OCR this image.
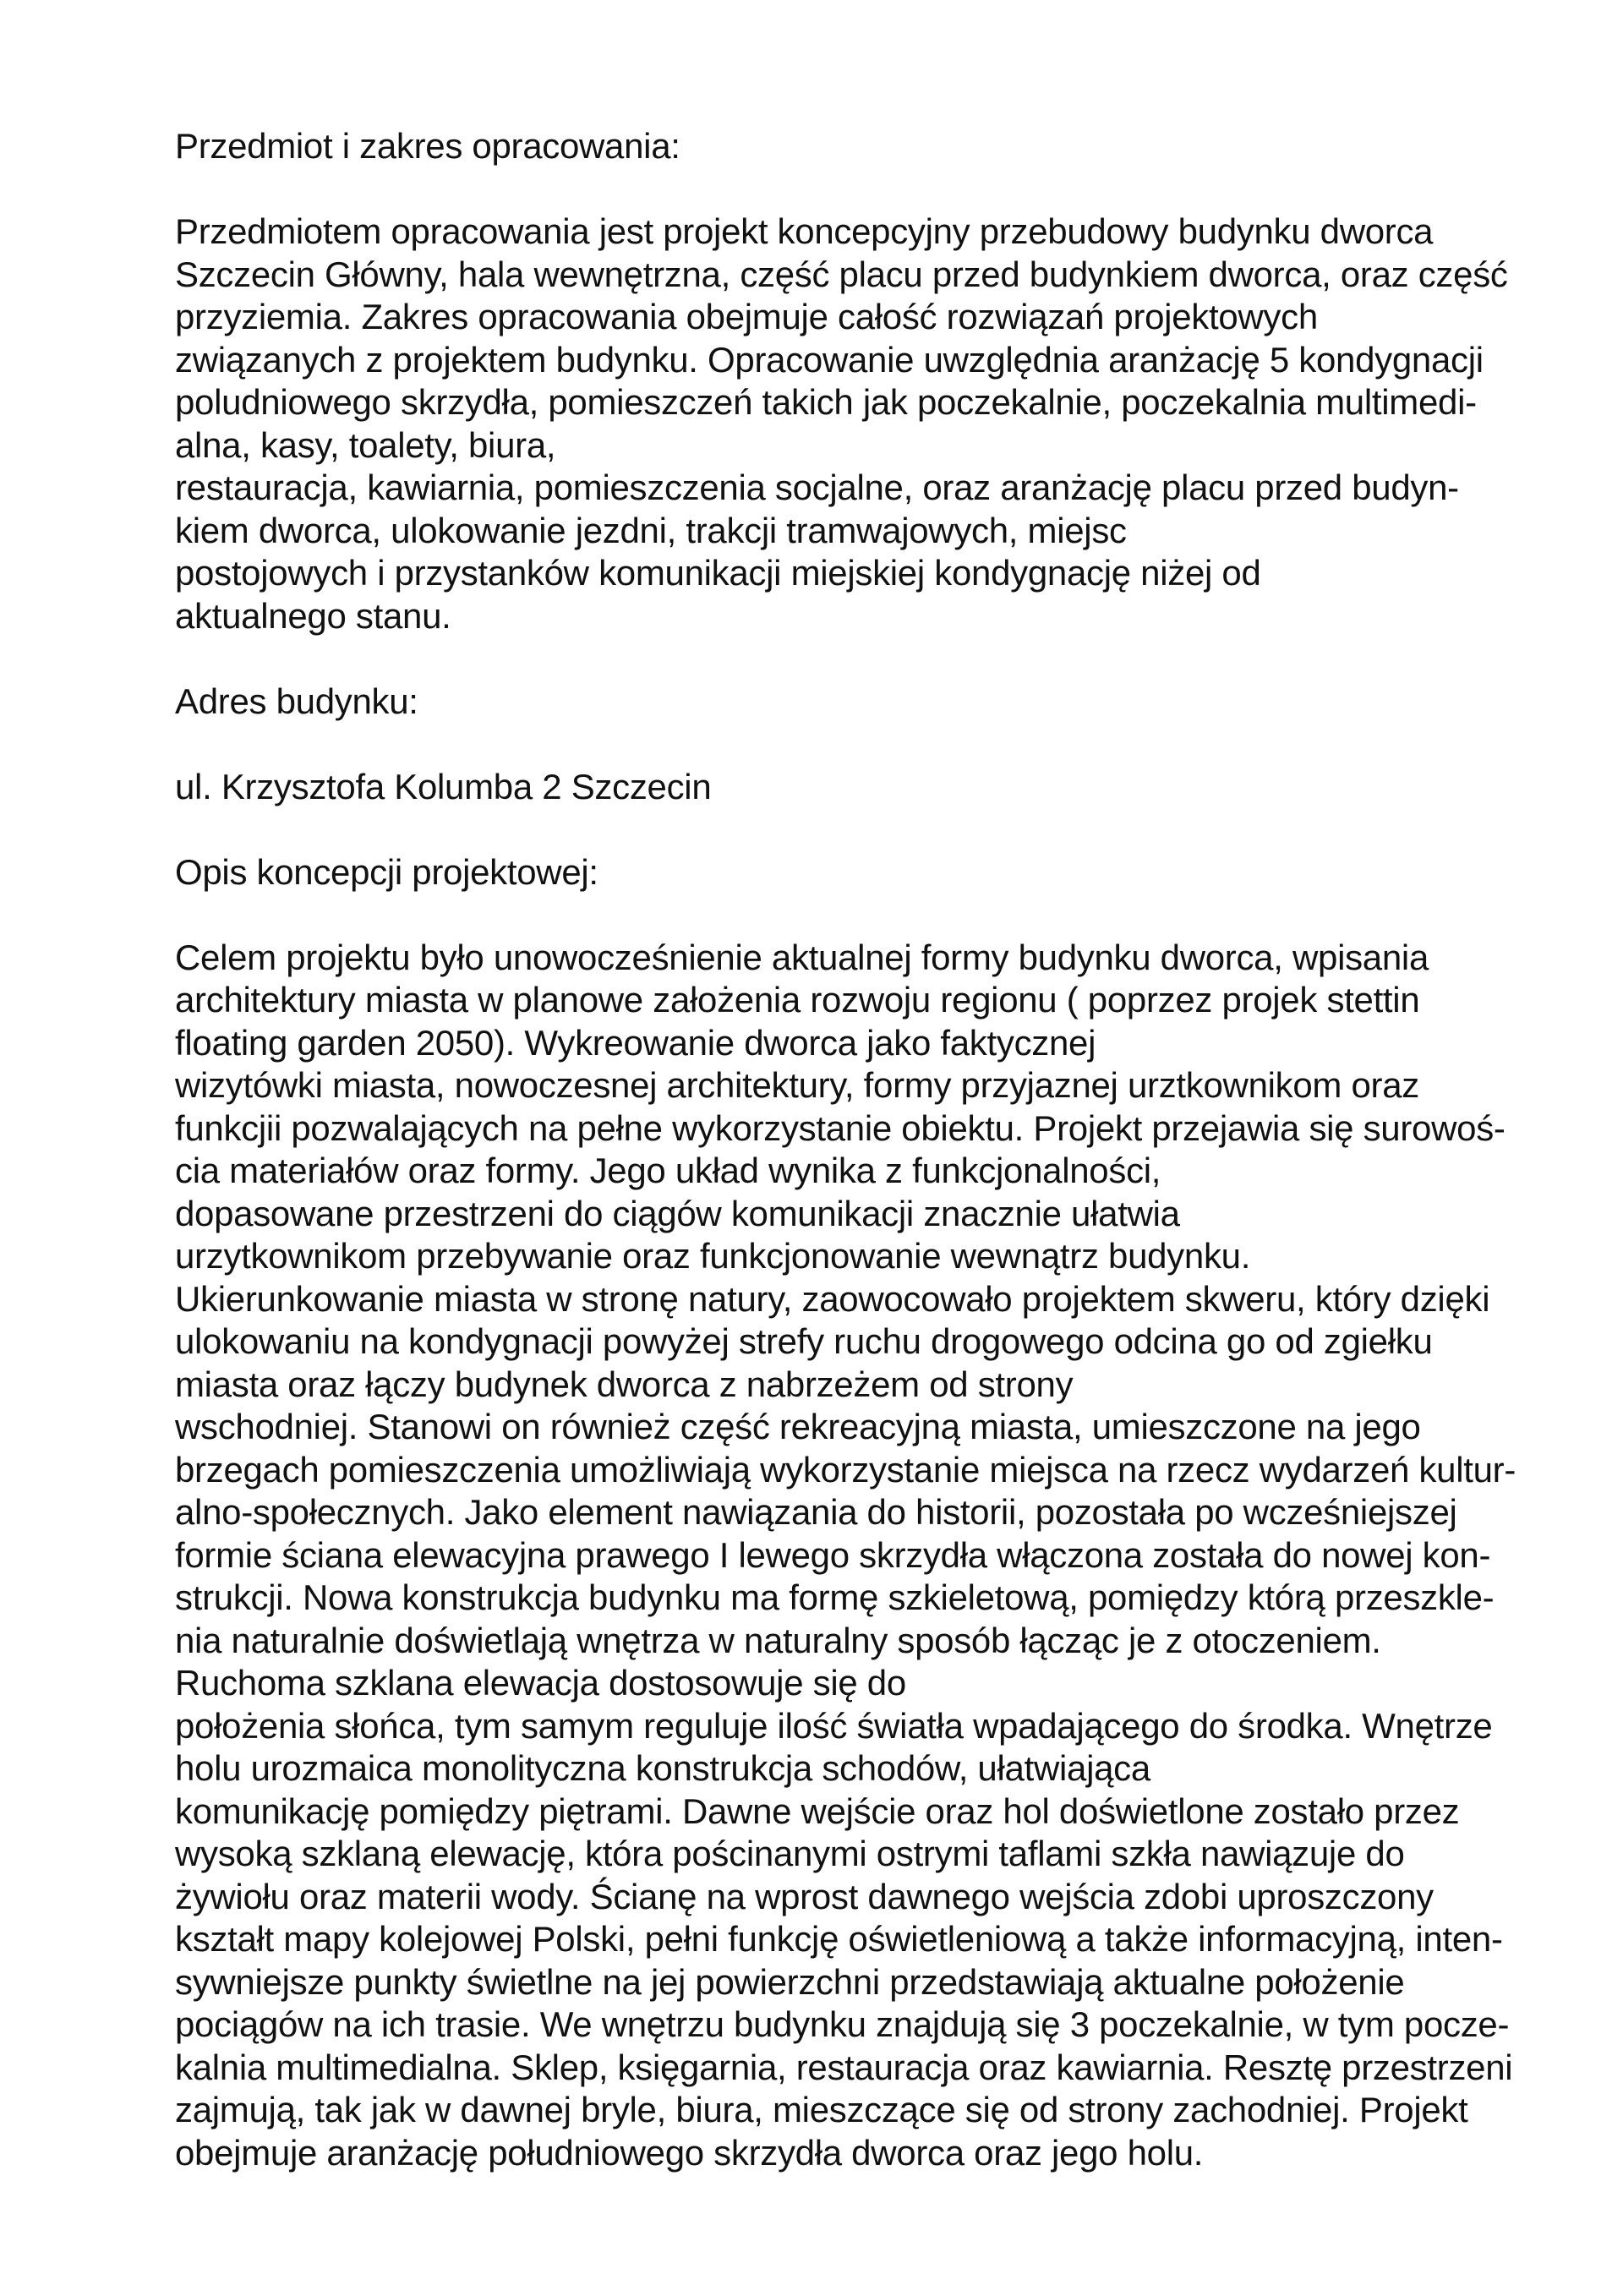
Przedmiot i zakres opracowania:
Przedmiotem opracowania jest projekt koncepcyjny przebudowy budynku dworca
Szczecin Główny, hala wewnętrzna, część placu przed budynkiem dworca, oraz część
przyziemia. Zakres opracowania obejmuje całość rozwiązań projektowych
związanych z projektem budynku. Opracowanie uwzględnia aranżację 5 kondygnacji
poludniowego skrzydła, pomieszczeń takich jak poczekalnie, poczekalnia multimedi-
alna, kasy, toalety, biura,
restauracja, kawiarnia, pomieszczenia socjalne, oraz aranżację placu przed budyn-
kiem dworca, ulokowanie jezdni, trakcji tramwajowych, miejsc
postojowych i przystanków komunikacji miejskiej kondygnację niżej od
aktualnego stanu.
Adres budynku:
ul. Krzysztofa Kolumba 2 Szczecin
Opis koncepcji projektowej:
Celem projektu było unowocześnienie aktualnej formy budynku dworca, wpisania
architektury miasta w planowe założenia rozwoju regionu ( poprzez projek stettin
floating garden 2050). Wykreowanie dworca jako faktycznej
wizytówki miasta, nowoczesnej architektury, formy przyjaznej urztkownikom oraz
funkcjii pozwalających na pełne wykorzystanie obiektu. Projekt przejawia się surowoś-
cia materiałów oraz formy. Jego układ wynika z funkcjonalności,
dopasowane przestrzeni do ciągów komunikacji znacznie ułatwia
urzytkownikom przebywanie oraz funkcjonowanie wewnątrz budynku.
Ukierunkowanie miasta w stronę natury, zaowocowało projektem skweru, który dzięki
ulokowaniu na kondygnacji powyżej strefy ruchu drogowego odcina go od zgiełku
miasta oraz łączy budynek dworca z nabrzeżem od strony
wschodniej. Stanowi on również część rekreacyjną miasta, umieszczone na jego
brzegach pomieszczenia umożliwiają wykorzystanie miejsca na rzecz wydarzeń kultur-
alno-społecznych. Jako element nawiązania do historii, pozostała po wcześniejszej
formie ściana elewacyjna prawego I lewego skrzydła włączona została do nowej kon-
strukcji. Nowa konstrukcja budynku ma formę szkieletową, pomiędzy którą przeszkle-
nia naturalnie doświetlają wnętrza w naturalny sposób łącząc je z otoczeniem.
Ruchoma szklana elewacja dostosowuje się do
położenia słońca, tym samym reguluje ilość światła wpadającego do środka. Wnętrze
holu urozmaica monolityczna konstrukcja schodów, ułatwiająca
komunikację pomiędzy piętrami. Dawne wejście oraz hol doświetlone zostało przez
wysoką szklaną elewację, która pościnanymi ostrymi taflami szkła nawiązuje do
żywiołu oraz materii wody. Ścianę na wprost dawnego wejścia zdobi uproszczony
kształt mapy kolejowej Polski, pełni funkcję oświetleniową a także informacyjną, inten-
sywniejsze punkty świetlne na jej powierzchni przedstawiają aktualne położenie
pociągów na ich trasie. We wnętrzu budynku znajdują się 3 poczekalnie, w tym pocze-
kalnia multimedialna. Sklep, księgarnia, restauracja oraz kawiarnia. Resztę przestrzeni
zajmują, tak jak w dawnej bryle, biura, mieszczące się od strony zachodniej. Projekt
obejmuje aranżację południowego skrzydła dworca oraz jego holu.
